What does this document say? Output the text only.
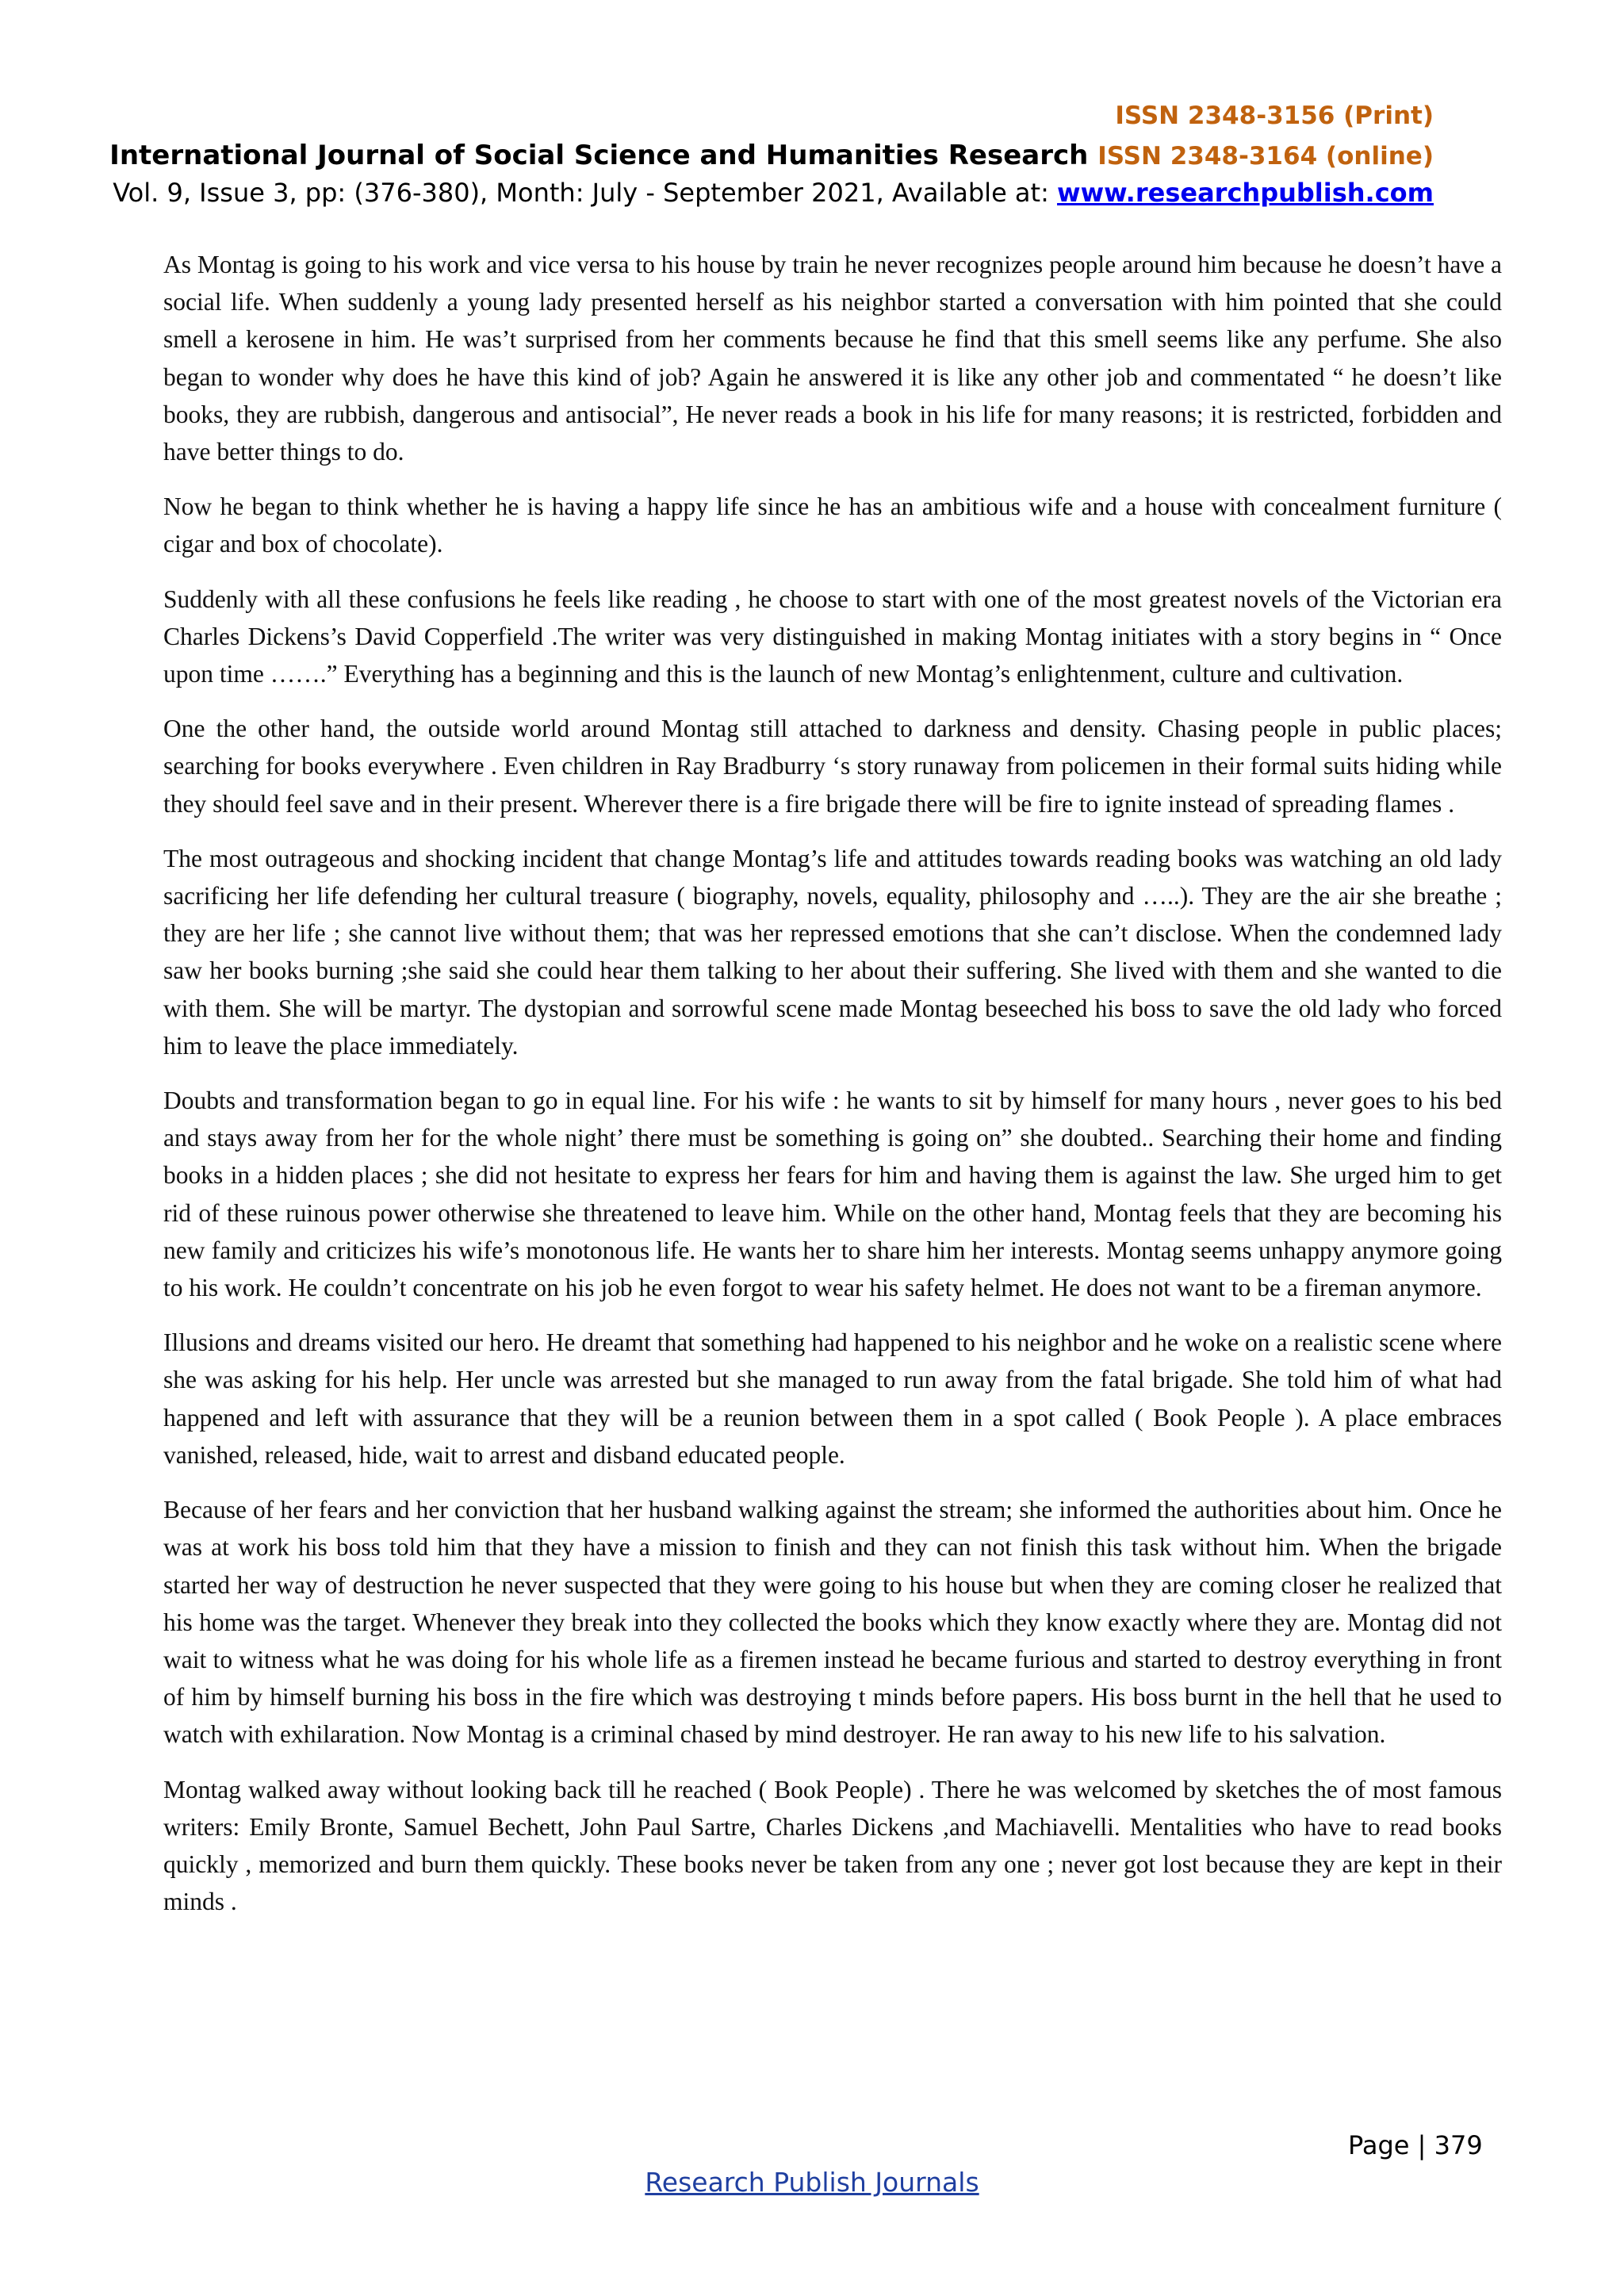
ISSN 2348-3156 (Print)
International Journal of Social Science and Humanities Research ISSN 2348-3164 (online)
Vol. 9, Issue 3, pp: (376-380), Month: July - September 2021, Available at: www.researchpublish.com

As Montag is going to his work and vice versa to his house by train he never recognizes people around him because he doesn’t have a social life. When suddenly a young lady presented herself as his neighbor started a conversation with him pointed that she could smell a kerosene in him. He was’t surprised from her comments because he find that this smell seems like any perfume. She also began to wonder why does he have this kind of job? Again he answered it is like any other job and commentated “ he doesn’t like books, they are rubbish, dangerous and antisocial”, He never reads a book in his life for many reasons; it is restricted, forbidden and have better things to do.

Now he began to think whether he is having a happy life since he has an ambitious wife and a house with concealment furniture ( cigar and box of chocolate).

Suddenly with all these confusions he feels like reading , he choose to start with one of the most greatest novels of the Victorian era Charles Dickens’s David Copperfield .The writer was very distinguished in making Montag initiates with a story begins in “ Once upon time …….” Everything has a beginning and this is the launch of new Montag’s enlightenment, culture and cultivation.

One the other hand, the outside world around Montag still attached to darkness and density. Chasing people in public places; searching for books everywhere . Even children in Ray Bradburry ‘s story runaway from policemen in their formal suits hiding while they should feel save and in their present. Wherever there is a fire brigade there will be fire to ignite instead of spreading flames .

The most outrageous and shocking incident that change Montag’s life and attitudes towards reading books was watching an old lady sacrificing her life defending her cultural treasure ( biography, novels, equality, philosophy and …..). They are the air she breathe ; they are her life ; she cannot live without them; that was her repressed emotions that she can’t disclose. When the condemned lady saw her books burning ;she said she could hear them talking to her about their suffering. She lived with them and she wanted to die with them. She will be martyr. The dystopian and sorrowful scene made Montag beseeched his boss to save the old lady who forced him to leave the place immediately.

Doubts and transformation began to go in equal line. For his wife : he wants to sit by himself for many hours , never goes to his bed and stays away from her for the whole night’ there must be something is going on” she doubted.. Searching their home and finding books in a hidden places ; she did not hesitate to express her fears for him and having them is against the law. She urged him to get rid of these ruinous power otherwise she threatened to leave him. While on the other hand, Montag feels that they are becoming his new family and criticizes his wife’s monotonous life. He wants her to share him her interests. Montag seems unhappy anymore going to his work. He couldn’t concentrate on his job he even forgot to wear his safety helmet. He does not want to be a fireman anymore.

Illusions and dreams visited our hero. He dreamt that something had happened to his neighbor and he woke on a realistic scene where she was asking for his help. Her uncle was arrested but she managed to run away from the fatal brigade. She told him of what had happened and left with assurance that they will be a reunion between them in a spot called ( Book People ). A place embraces vanished, released, hide, wait to arrest and disband educated people.

Because of her fears and her conviction that her husband walking against the stream; she informed the authorities about him. Once he was at work his boss told him that they have a mission to finish and they can not finish this task without him. When the brigade started her way of destruction he never suspected that they were going to his house but when they are coming closer he realized that his home was the target. Whenever they break into they collected the books which they know exactly where they are. Montag did not wait to witness what he was doing for his whole life as a firemen instead he became furious and started to destroy everything in front of him by himself burning his boss in the fire which was destroying t minds before papers. His boss burnt in the hell that he used to watch with exhilaration. Now Montag is a criminal chased by mind destroyer. He ran away to his new life to his salvation.

Montag walked away without looking back till he reached ( Book People) . There he was welcomed by sketches the of most famous writers: Emily Bronte, Samuel Bechett, John Paul Sartre, Charles Dickens ,and Machiavelli. Mentalities who have to read books quickly , memorized and burn them quickly. These books never be taken from any one ; never got lost because they are kept in their minds .

Page | 379
Research Publish Journals
